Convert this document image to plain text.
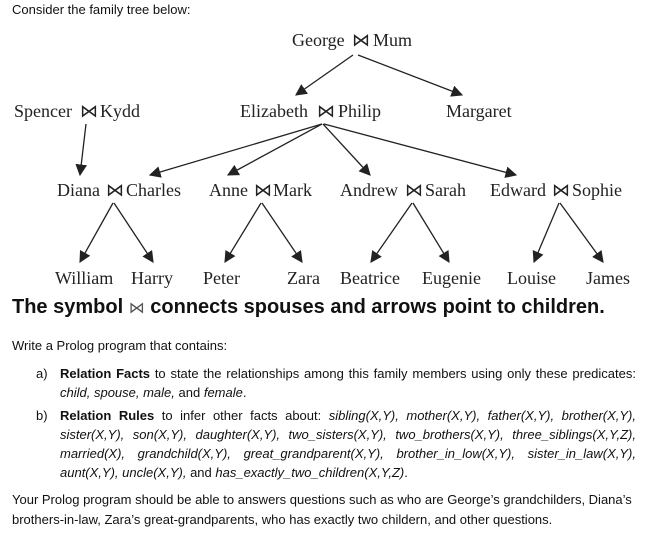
Consider the family tree below:
George ⋈ Mum
Spencer ⋈ Kydd	Elizabeth ⋈ Philip	Margaret
Diana ⋈ Charles Anne ⋈ Mark Andrew ⋈ Sarah Edward ⋈ Sophie
William Harry Peter	Zara Beatrice Eugenie Louise James
The symbol ⋈ connects spouses and arrows point to children.
Write a Prolog program that contains:
a) Relation Facts to state the relationships among this family members using only these predicates: child, spouse, male, and female.
b) Relation Rules to infer other facts about: sibling(X,Y), mother(X,Y), father(X,Y), brother(X,Y), sister(X,Y), son(X,Y), daughter(X,Y), two_sisters(X,Y), two_brothers(X,Y), three_siblings(X,Y,Z), married(X), grandchild(X,Y), great_grandparent(X,Y), brother_in_low(X,Y), sister_in_law(X,Y), aunt(X,Y), uncle(X,Y), and has_exactly_two_children(X,Y,Z).
Your Prolog program should be able to answers questions such as who are George’s grandchilders, Diana’s brothers-in-law, Zara’s great-grandparents, who has exactly two childern, and other questions.
